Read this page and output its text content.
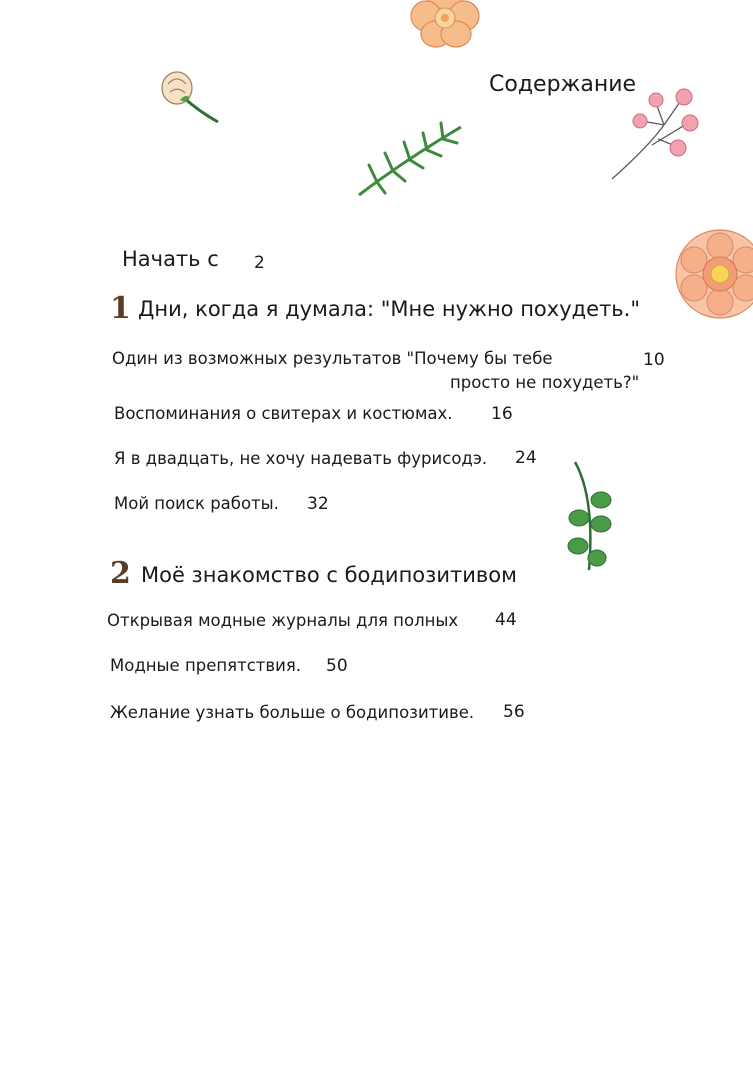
Содержание
Начать с 2
1 Дни, когда я думала: "Мне нужно похудеть."
Один из возможных результатов "Почему бы тебе
просто не похудеть?"
10
Воспоминания о свитерах и костюмах. 16
Я в двадцать, не хочу надевать фурисодэ. 24
Мой поиск работы. 32
2 Моё знакомство с бодипозитивом
Открывая модные журналы для полных 44
Модные препятствия. 50
Желание узнать больше о бодипозитиве. 56
